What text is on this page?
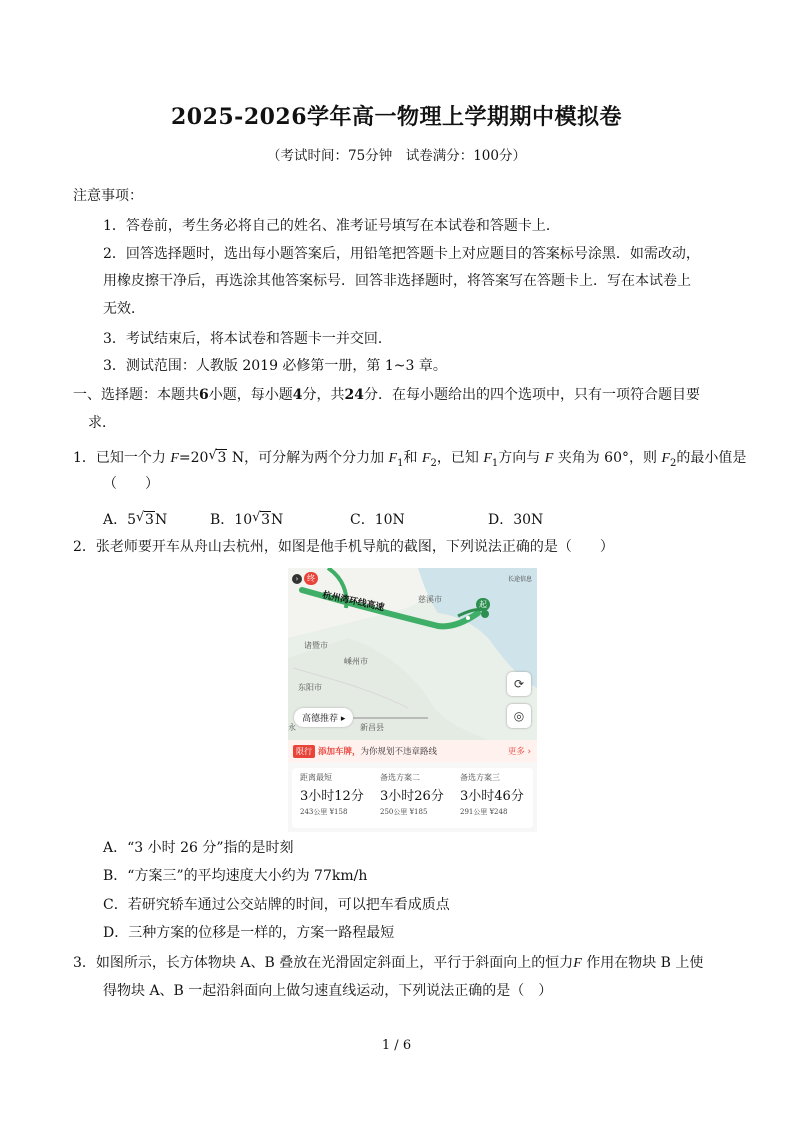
2025-2026学年高一物理上学期期中模拟卷
（考试时间：75分钟　试卷满分：100分）
注意事项：
1．答卷前，考生务必将自己的姓名、准考证号填写在本试卷和答题卡上．
2．回答选择题时，选出每小题答案后，用铅笔把答题卡上对应题目的答案标号涂黑．如需改动，
用橡皮擦干净后，再选涂其他答案标号．回答非选择题时，将答案写在答题卡上．写在本试卷上
无效．
3．考试结束后，将本试卷和答题卡一并交回．
3．测试范围：人教版 2019 必修第一册，第 1~3 章。
一、选择题：本题共6小题，每小题4分，共24分．在每小题给出的四个选项中，只有一项符合题目要
求．
1．已知一个力 F=20 √ 3 N，可分解为两个分力加 $F_1$和 $F_2$，已知 $F_1$方向与 F 夹角为 60°，则 $F_2$的最小值是
（　　）
A．5 √ 3N	B．10 √ 3N	C．10N	D．30N
2．张老师要开车从舟山去杭州，如图是他手机导航的截图，下列说法正确的是（　　）
›	终
起
杭州湾环线高速
长途信息
慈溪市
诸暨市
嵊州市
东阳市
新昌县
永
高德推荐 ▸
⟳
◎
限行 添加车牌，为你规划不违章路线	更多 ›
距离最短
3小时12分
243公里 ¥158
备选方案二
3小时26分
250公里 ¥185
备选方案三
3小时46分
291公里 ¥248
A．“3 小时 26 分”指的是时刻
B．“方案三”的平均速度大小约为 77km/h
C．若研究轿车通过公交站牌的时间，可以把车看成质点
D．三种方案的位移是一样的，方案一路程最短
3．如图所示，长方体物块 A、B 叠放在光滑固定斜面上，平行于斜面向上的恒力F 作用在物块 B 上使
得物块 A、B 一起沿斜面向上做匀速直线运动，下列说法正确的是（　）
1 / 6
